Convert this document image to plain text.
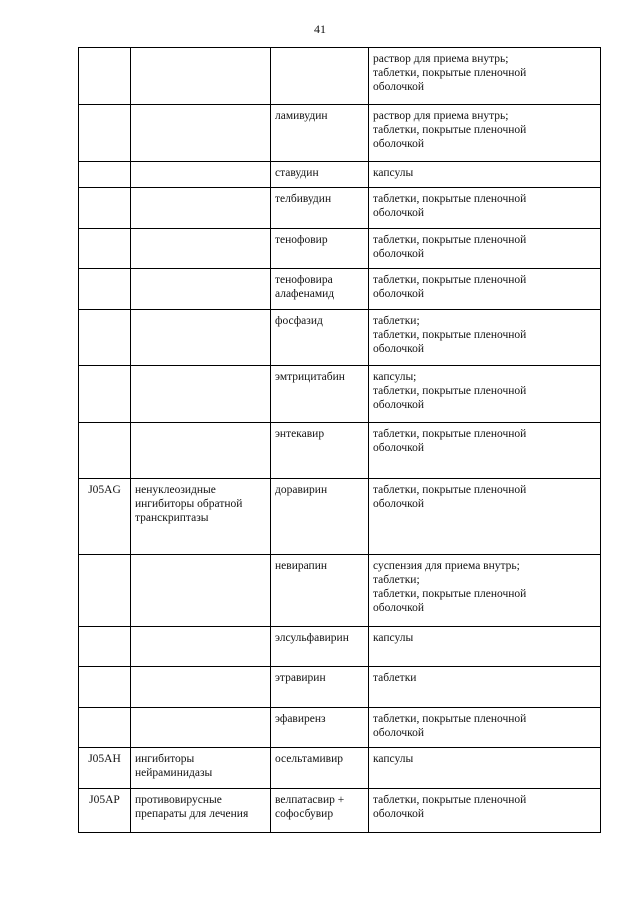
41
			раствор для приема внутрь;
таблетки, покрытые пленочной
оболочкой
		ламивудин	раствор для приема внутрь;
таблетки, покрытые пленочной
оболочкой
		ставудин	капсулы
		телбивудин	таблетки, покрытые пленочной
оболочкой
		тенофовир	таблетки, покрытые пленочной
оболочкой
		тенофовира
алафенамид	таблетки, покрытые пленочной
оболочкой
		фосфазид	таблетки;
таблетки, покрытые пленочной
оболочкой
		эмтрицитабин	капсулы;
таблетки, покрытые пленочной
оболочкой
		энтекавир	таблетки, покрытые пленочной
оболочкой
J05AG	ненуклеозидные
ингибиторы обратной
транскриптазы	доравирин	таблетки, покрытые пленочной
оболочкой
		невирапин	суспензия для приема внутрь;
таблетки;
таблетки, покрытые пленочной
оболочкой
		элсульфавирин	капсулы
		этравирин	таблетки
		эфавиренз	таблетки, покрытые пленочной
оболочкой
J05AH	ингибиторы
нейраминидазы	осельтамивир	капсулы
J05AP	противовирусные
препараты для лечения	велпатасвир +
софосбувир	таблетки, покрытые пленочной
оболочкой
